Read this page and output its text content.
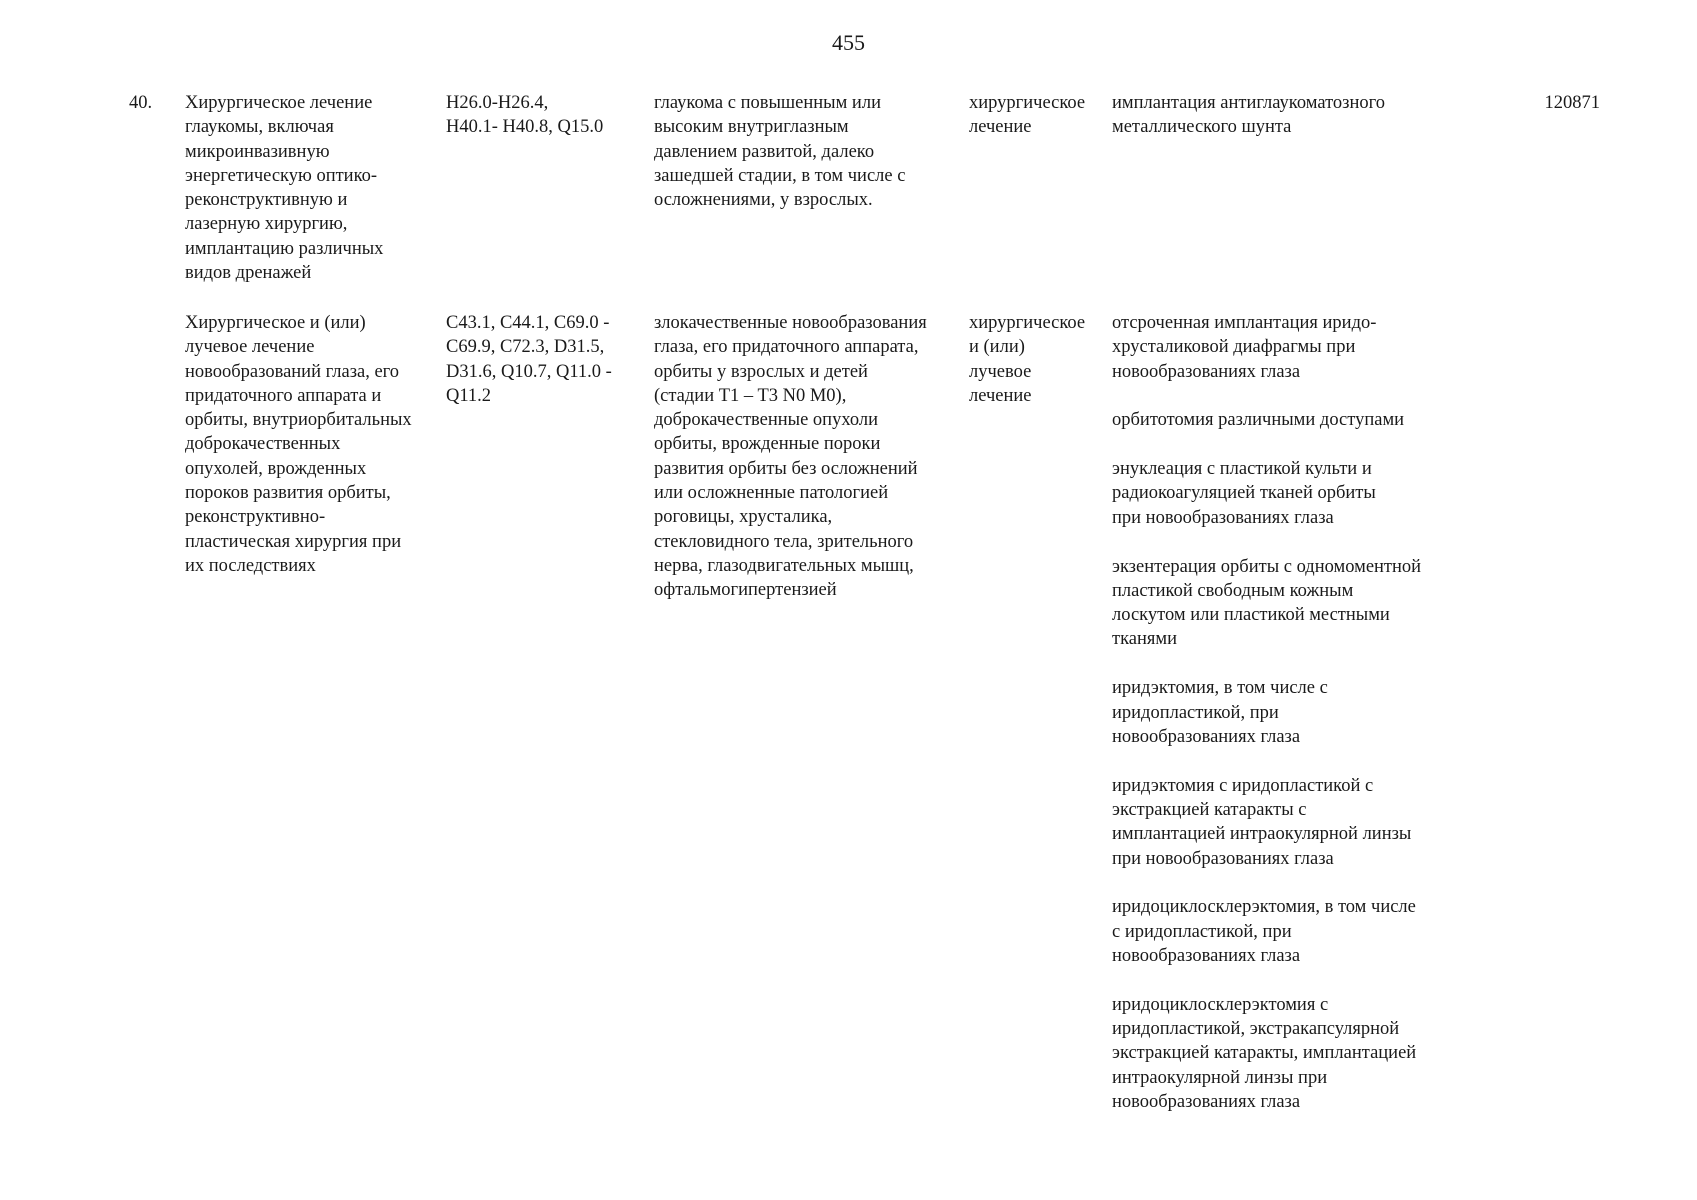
455
40.	Хирургическое лечение
глаукомы, включая
микроинвазивную
энергетическую оптико-
реконструктивную и
лазерную хирургию,
имплантацию различных
видов дренажей
H26.0-H26.4,
H40.1- H40.8, Q15.0
глаукома с повышенным или
высоким внутриглазным
давлением развитой, далеко
зашедшей стадии, в том числе с
осложнениями, у взрослых.
хирургическое
лечение
имплантация антиглаукоматозного
металлического шунта
120871
Хирургическое и (или)
лучевое лечение
новообразований глаза, его
придаточного аппарата и
орбиты, внутриорбитальных
доброкачественных
опухолей, врожденных
пороков развития орбиты,
реконструктивно-
пластическая хирургия при
их последствиях
C43.1, C44.1, C69.0 -
C69.9, C72.3, D31.5,
D31.6, Q10.7, Q11.0 -
Q11.2
злокачественные новообразования
глаза, его придаточного аппарата,
орбиты у взрослых и детей
(стадии T1 – T3 N0 M0),
доброкачественные опухоли
орбиты, врожденные пороки
развития орбиты без осложнений
или осложненные патологией
роговицы, хрусталика,
стекловидного тела, зрительного
нерва, глазодвигательных мышц,
офтальмогипертензией
хирургическое
и (или)
лучевое
лечение
отсроченная имплантация иридо-
хрусталиковой диафрагмы при
новообразованиях глаза
орбитотомия различными доступами
энуклеация с пластикой культи и
радиокоагуляцией тканей орбиты
при новообразованиях глаза
экзентерация орбиты с одномоментной
пластикой свободным кожным
лоскутом или пластикой местными
тканями
иридэктомия, в том числе с
иридопластикой, при
новообразованиях глаза
иридэктомия с иридопластикой с
экстракцией катаракты с
имплантацией интраокулярной линзы
при новообразованиях глаза
иридоциклосклерэктомия, в том числе
с иридопластикой, при
новообразованиях глаза
иридоциклосклерэктомия с
иридопластикой, экстракапсулярной
экстракцией катаракты, имплантацией
интраокулярной линзы при
новообразованиях глаза
